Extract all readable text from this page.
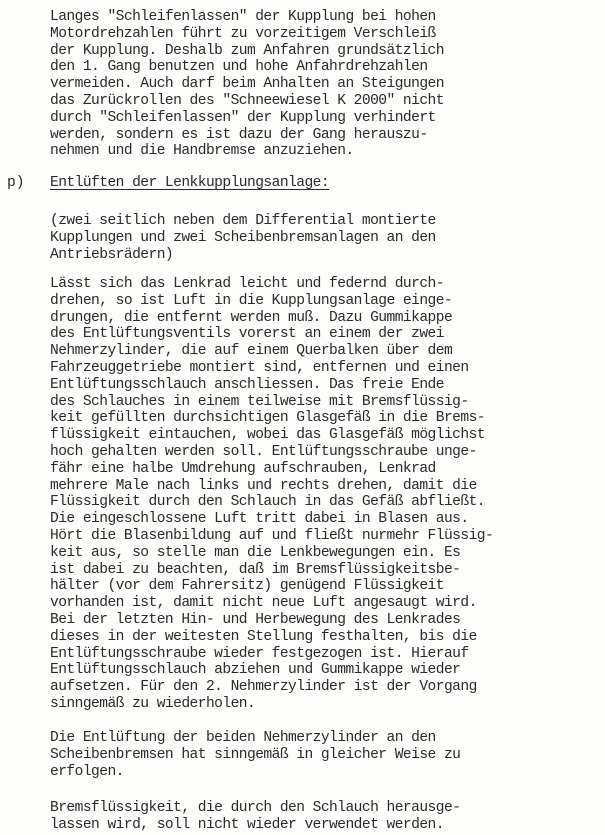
Langes "Schleifenlassen" der Kupplung bei hohen
Motordrehzahlen führt zu vorzeitigem Verschleiß
der Kupplung. Deshalb zum Anfahren grundsätzlich
den 1. Gang benutzen und hohe Anfahrdrehzahlen
vermeiden. Auch darf beim Anhalten an Steigungen
das Zurückrollen des "Schneewiesel K 2000" nicht
durch "Schleifenlassen" der Kupplung verhindert
werden, sondern es ist dazu der Gang herauszu-
nehmen und die Handbremse anzuziehen.

p) Entlüften der Lenkkupplungsanlage:

(zwei seitlich neben dem Differential montierte
Kupplungen und zwei Scheibenbremsanlagen an den
Antriebsrädern)

Lässt sich das Lenkrad leicht und federnd durch-
drehen, so ist Luft in die Kupplungsanlage einge-
drungen, die entfernt werden muß. Dazu Gummikappe
des Entlüftungsventils vorerst an einem der zwei
Nehmerzylinder, die auf einem Querbalken über dem
Fahrzeuggetriebe montiert sind, entfernen und einen
Entlüftungsschlauch anschliessen. Das freie Ende
des Schlauches in einem teilweise mit Bremsflüssig-
keit gefüllten durchsichtigen Glasgefäß in die Brems-
flüssigkeit eintauchen, wobei das Glasgefäß möglichst
hoch gehalten werden soll. Entlüftungsschraube unge-
fähr eine halbe Umdrehung aufschrauben, Lenkrad
mehrere Male nach links und rechts drehen, damit die
Flüssigkeit durch den Schlauch in das Gefäß abfließt.
Die eingeschlossene Luft tritt dabei in Blasen aus.
Hört die Blasenbildung auf und fließt nurmehr Flüssig-
keit aus, so stelle man die Lenkbewegungen ein. Es
ist dabei zu beachten, daß im Bremsflüssigkeitsbe-
hälter (vor dem Fahrersitz) genügend Flüssigkeit
vorhanden ist, damit nicht neue Luft angesaugt wird.
Bei der letzten Hin- und Herbewegung des Lenkrades
dieses in der weitesten Stellung festhalten, bis die
Entlüftungsschraube wieder festgezogen ist. Hierauf
Entlüftungsschlauch abziehen und Gummikappe wieder
aufsetzen. Für den 2. Nehmerzylinder ist der Vorgang
sinngemäß zu wiederholen.

Die Entlüftung der beiden Nehmerzylinder an den
Scheibenbremsen hat sinngemäß in gleicher Weise zu
erfolgen.

Bremsflüssigkeit, die durch den Schlauch herausge-
lassen wird, soll nicht wieder verwendet werden.
